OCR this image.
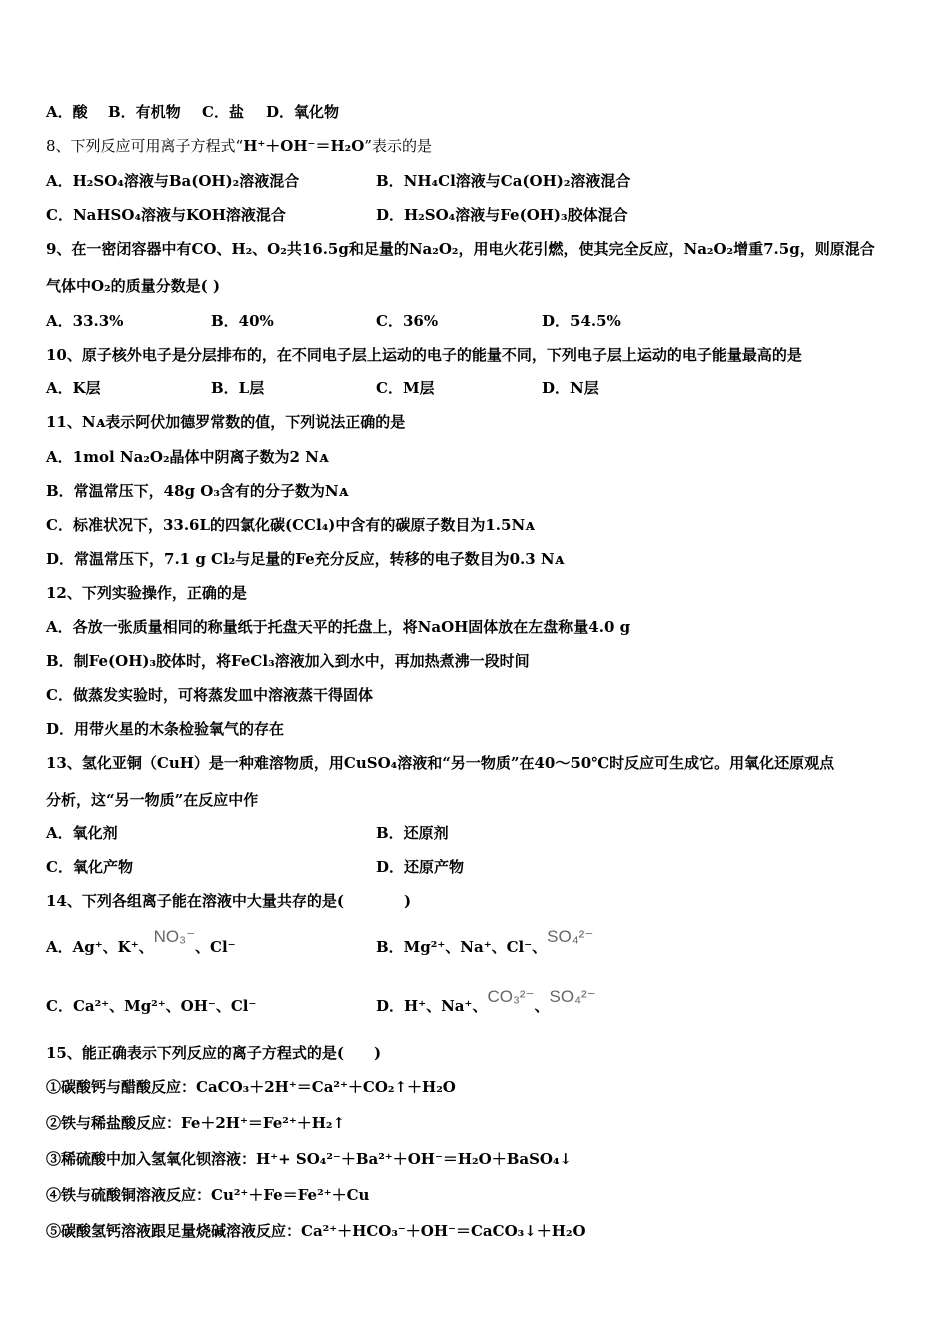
A．酸 B．有机物 C．盐 D．氧化物
8、下列反应可用离子方程式“H⁺＋OH⁻＝H₂O”表示的是
A．H₂SO₄溶液与Ba(OH)₂溶液混合	B．NH₄Cl溶液与Ca(OH)₂溶液混合
C．NaHSO₄溶液与KOH溶液混合	D．H₂SO₄溶液与Fe(OH)₃胶体混合
9、在一密闭容器中有CO、H₂、O₂共16.5g和足量的Na₂O₂，用电火花引燃，使其完全反应，Na₂O₂增重7.5g，则原混合
气体中O₂的质量分数是( )
A．33.3%	B．40%	C．36%	D．54.5%
10、原子核外电子是分层排布的，在不同电子层上运动的电子的能量不同，下列电子层上运动的电子能量最高的是
A．K层	B．L层	C．M层	D．N层
11、Nᴀ表示阿伏加德罗常数的值，下列说法正确的是
A．1mol Na₂O₂晶体中阴离子数为2 Nᴀ
B．常温常压下，48g O₃含有的分子数为Nᴀ
C．标准状况下，33.6L的四氯化碳(CCl₄)中含有的碳原子数目为1.5Nᴀ
D．常温常压下，7.1 g Cl₂与足量的Fe充分反应，转移的电子数目为0.3 Nᴀ
12、下列实验操作，正确的是
A．各放一张质量相同的称量纸于托盘天平的托盘上，将NaOH固体放在左盘称量4.0 g
B．制Fe(OH)₃胶体时，将FeCl₃溶液加入到水中，再加热煮沸一段时间
C．做蒸发实验时，可将蒸发皿中溶液蒸干得固体
D．用带火星的木条检验氧气的存在
13、氢化亚铜（CuH）是一种难溶物质，用CuSO₄溶液和“另一物质”在40～50℃时反应可生成它。用氧化还原观点
分析，这“另一物质”在反应中作
A．氧化剂	B．还原剂
C．氧化产物	D．还原产物
14、下列各组离子能在溶液中大量共存的是(　　　　)
A．Ag⁺、K⁺、NO₃⁻、Cl⁻	B．Mg²⁺、Na⁺、Cl⁻、SO₄²⁻
C．Ca²⁺、Mg²⁺、OH⁻、Cl⁻	D．H⁺、Na⁺、CO₃²⁻、SO₄²⁻
15、能正确表示下列反应的离子方程式的是(　　)
①碳酸钙与醋酸反应：CaCO₃＋2H⁺＝Ca²⁺＋CO₂↑＋H₂O
②铁与稀盐酸反应：Fe＋2H⁺＝Fe²⁺＋H₂↑
③稀硫酸中加入氢氧化钡溶液：H⁺+ SO₄²⁻＋Ba²⁺＋OH⁻＝H₂O＋BaSO₄↓
④铁与硫酸铜溶液反应：Cu²⁺＋Fe＝Fe²⁺＋Cu
⑤碳酸氢钙溶液跟足量烧碱溶液反应：Ca²⁺＋HCO₃⁻＋OH⁻＝CaCO₃↓＋H₂O
